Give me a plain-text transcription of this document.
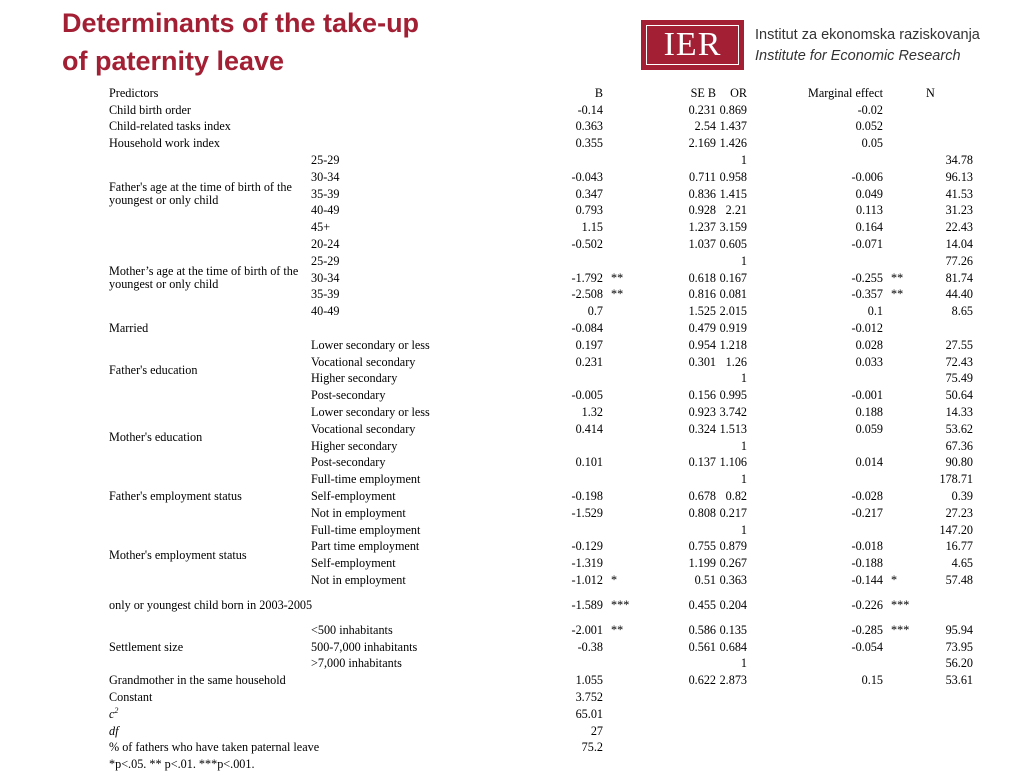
Determinants of the take-up
of paternity leave	IER	Institut za ekonomska raziskovanja
Institute for Economic Research
Predictors		B		SE B	OR	Marginal effect		N
Child birth order		-0.14		0.231	0.869	-0.02		
Child-related tasks index		0.363		2.54	1.437	0.052		
Household work index		0.355		2.169	1.426	0.05		
Father's age at the time of birth of the youngest or only child	25-29				1			34.78
	30-34	-0.043		0.711	0.958	-0.006		96.13
	35-39	0.347		0.836	1.415	0.049		41.53
	40-49	0.793		0.928	2.21	0.113		31.23
	45+	1.15		1.237	3.159	0.164		22.43
Mother’s age at the time of birth of the youngest or only child	20-24	-0.502		1.037	0.605	-0.071		14.04
	25-29				1			77.26
	30-34	-1.792	**	0.618	0.167	-0.255	**	81.74
	35-39	-2.508	**	0.816	0.081	-0.357	**	44.40
	40-49	0.7		1.525	2.015	0.1		8.65
Married		-0.084		0.479	0.919	-0.012		
Father's education	Lower secondary or less	0.197		0.954	1.218	0.028		27.55
	Vocational secondary	0.231		0.301	1.26	0.033		72.43
	Higher secondary				1			75.49
	Post-secondary	-0.005		0.156	0.995	-0.001		50.64
Mother's education	Lower secondary or less	1.32		0.923	3.742	0.188		14.33
	Vocational secondary	0.414		0.324	1.513	0.059		53.62
	Higher secondary				1			67.36
	Post-secondary	0.101		0.137	1.106	0.014		90.80
Father's employment status	Full-time employment				1			178.71
	Self-employment	-0.198		0.678	0.82	-0.028		0.39
	Not in employment	-1.529		0.808	0.217	-0.217		27.23
Mother's employment status	Full-time employment				1			147.20
	Part time employment	-0.129		0.755	0.879	-0.018		16.77
	Self-employment	-1.319		1.199	0.267	-0.188		4.65
	Not in employment	-1.012	*	0.51	0.363	-0.144	*	57.48
only or youngest child born in 2003-2005		-1.589	***	0.455	0.204	-0.226	***	
Settlement size	<500 inhabitants	-2.001	**	0.586	0.135	-0.285	***	95.94
	500-7,000 inhabitants	-0.38		0.561	0.684	-0.054		73.95
	>7,000 inhabitants				1			56.20
Grandmother in the same household		1.055		0.622	2.873	0.15		53.61
Constant		3.752						
$c^2$		65.01						
df		27						
% of fathers who have taken paternal leave		75.2						
*p<.05. ** p<.01. ***p<.001.								
